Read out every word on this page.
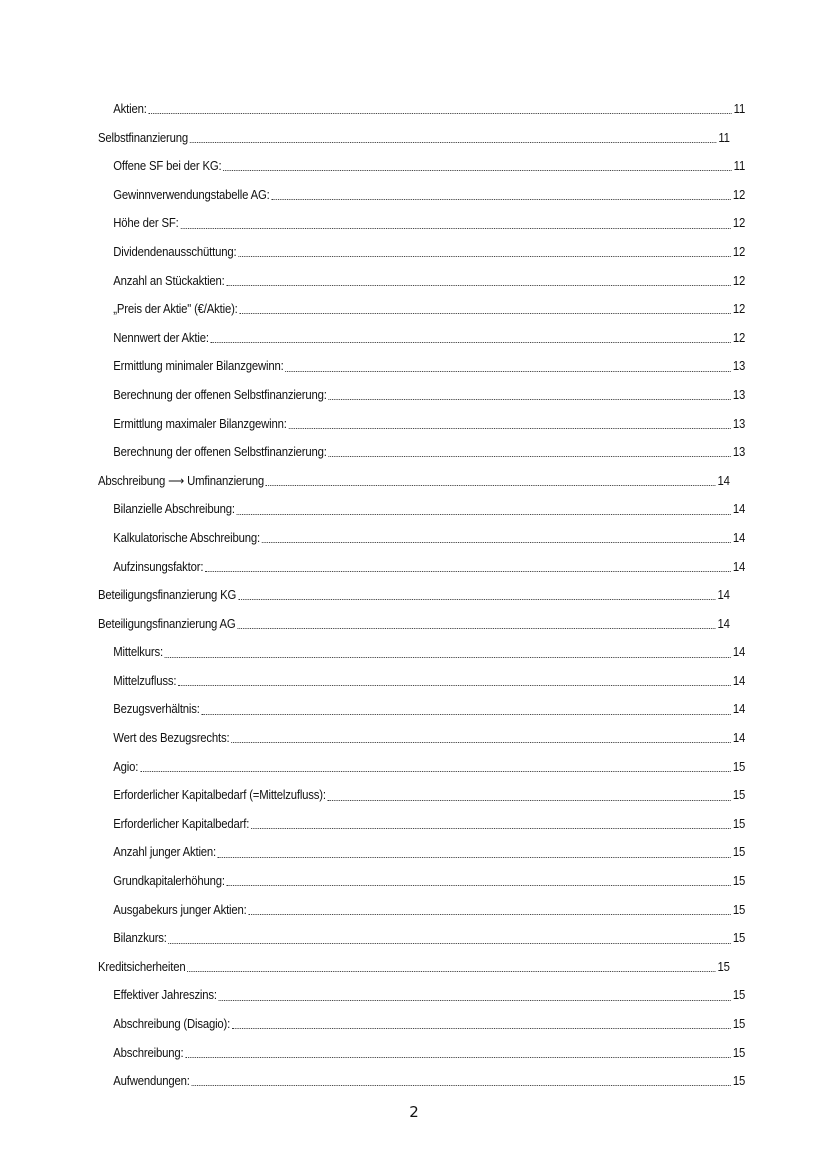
Aktien:	11
Selbstfinanzierung	11
Offene SF bei der KG:	11
Gewinnverwendungstabelle AG:	12
Höhe der SF:	12
Dividendenausschüttung:	12
Anzahl an Stückaktien:	12
„Preis der Aktie" (€/Aktie):	12
Nennwert der Aktie:	12
Ermittlung minimaler Bilanzgewinn:	13
Berechnung der offenen Selbstfinanzierung:	13
Ermittlung maximaler Bilanzgewinn:	13
Berechnung der offenen Selbstfinanzierung:	13
Abschreibung ⟶ Umfinanzierung	14
Bilanzielle Abschreibung:	14
Kalkulatorische Abschreibung:	14
Aufzinsungsfaktor:	14
Beteiligungsfinanzierung KG	14
Beteiligungsfinanzierung AG	14
Mittelkurs:	14
Mittelzufluss:	14
Bezugsverhältnis:	14
Wert des Bezugsrechts:	14
Agio:	15
Erforderlicher Kapitalbedarf (=Mittelzufluss):	15
Erforderlicher Kapitalbedarf:	15
Anzahl junger Aktien:	15
Grundkapitalerhöhung:	15
Ausgabekurs junger Aktien:	15
Bilanzkurs:	15
Kreditsicherheiten	15
Effektiver Jahreszins:	15
Abschreibung (Disagio):	15
Abschreibung:	15
Aufwendungen:	15
2
